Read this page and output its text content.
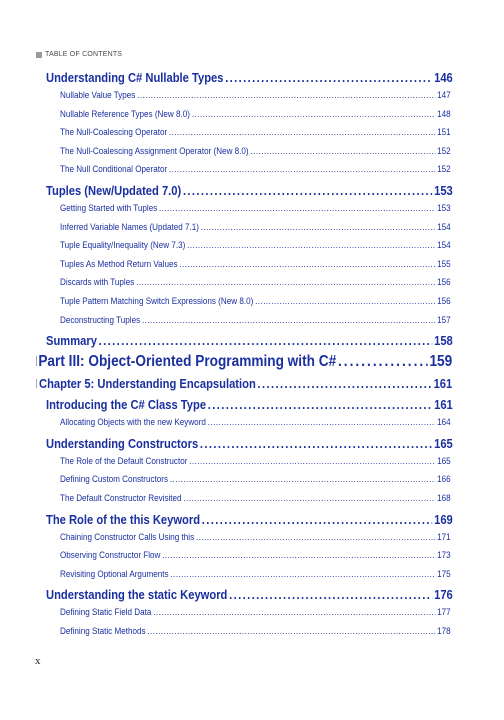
TABLE OF CONTENTS
Understanding C# Nullable Types . . .	146
Nullable Value Types . . .	147
Nullable Reference Types (New 8.0) . . .	148
The Null-Coalescing Operator . . .	151
The Null-Coalescing Assignment Operator (New 8.0) . . .	152
The Null Conditional Operator . . .	152
Tuples (New/Updated 7.0) . . .	153
Getting Started with Tuples . . .	153
Inferred Variable Names (Updated 7.1) . . .	154
Tuple Equality/Inequality (New 7.3) . . .	154
Tuples As Method Return Values . . .	155
Discards with Tuples . . .	156
Tuple Pattern Matching Switch Expressions (New 8.0) . . .	156
Deconstructing Tuples . . .	157
Summary . . .	158
Part III: Object-Oriented Programming with C# . . .	159
Chapter 5: Understanding Encapsulation . . .	161
Introducing the C# Class Type . . .	161
Allocating Objects with the new Keyword . . .	164
Understanding Constructors . . .	165
The Role of the Default Constructor . . .	165
Defining Custom Constructors . . .	166
The Default Constructor Revisited . . .	168
The Role of the this Keyword . . .	169
Chaining Constructor Calls Using this . . .	171
Observing Constructor Flow . . .	173
Revisiting Optional Arguments . . .	175
Understanding the static Keyword . . .	176
Defining Static Field Data . . .	177
Defining Static Methods . . .	178
x
